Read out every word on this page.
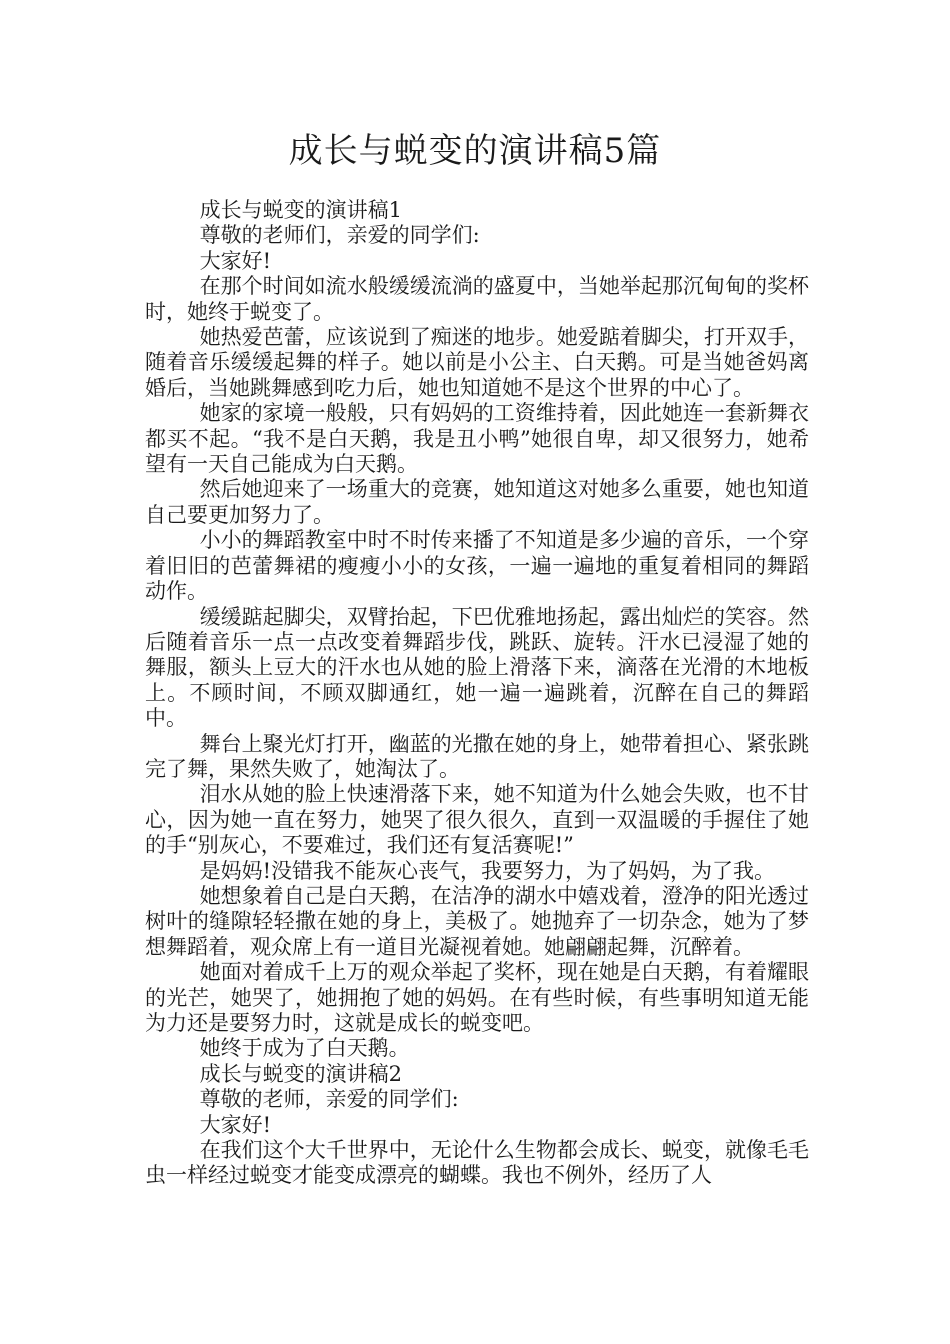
成长与蜕变的演讲稿5篇

成长与蜕变的演讲稿1

尊敬的老师们，亲爱的同学们:

大家好!

在那个时间如流水般缓缓流淌的盛夏中，当她举起那沉甸甸的奖杯时，她终于蜕变了。

她热爱芭蕾，应该说到了痴迷的地步。她爱踮着脚尖，打开双手，随着音乐缓缓起舞的样子。她以前是小公主、白天鹅。可是当她爸妈离婚后，当她跳舞感到吃力后，她也知道她不是这个世界的中心了。

她家的家境一般般，只有妈妈的工资维持着，因此她连一套新舞衣都买不起。“我不是白天鹅，我是丑小鸭”她很自卑，却又很努力，她希望有一天自己能成为白天鹅。

然后她迎来了一场重大的竞赛，她知道这对她多么重要，她也知道自己要更加努力了。

小小的舞蹈教室中时不时传来播了不知道是多少遍的音乐，一个穿着旧旧的芭蕾舞裙的瘦瘦小小的女孩，一遍一遍地的重复着相同的舞蹈动作。

缓缓踮起脚尖，双臂抬起，下巴优雅地扬起，露出灿烂的笑容。然后随着音乐一点一点改变着舞蹈步伐，跳跃、旋转。汗水已浸湿了她的舞服，额头上豆大的汗水也从她的脸上滑落下来，滴落在光滑的木地板上。不顾时间，不顾双脚通红，她一遍一遍跳着，沉醉在自己的舞蹈中。

舞台上聚光灯打开，幽蓝的光撒在她的身上，她带着担心、紧张跳完了舞，果然失败了，她淘汰了。

泪水从她的脸上快速滑落下来，她不知道为什么她会失败，也不甘心，因为她一直在努力，她哭了很久很久，直到一双温暖的手握住了她的手“别灰心，不要难过，我们还有复活赛呢!”

是妈妈!没错我不能灰心丧气，我要努力，为了妈妈，为了我。

她想象着自己是白天鹅，在洁净的湖水中嬉戏着，澄净的阳光透过树叶的缝隙轻轻撒在她的身上，美极了。她抛弃了一切杂念，她为了梦想舞蹈着，观众席上有一道目光凝视着她。她翩翩起舞，沉醉着。

她面对着成千上万的观众举起了奖杯，现在她是白天鹅，有着耀眼的光芒，她哭了，她拥抱了她的妈妈。在有些时候，有些事明知道无能为力还是要努力时，这就是成长的蜕变吧。

她终于成为了白天鹅。

成长与蜕变的演讲稿2

尊敬的老师，亲爱的同学们:

大家好!

在我们这个大千世界中，无论什么生物都会成长、蜕变，就像毛毛虫一样经过蜕变才能变成漂亮的蝴蝶。我也不例外，经历了人
